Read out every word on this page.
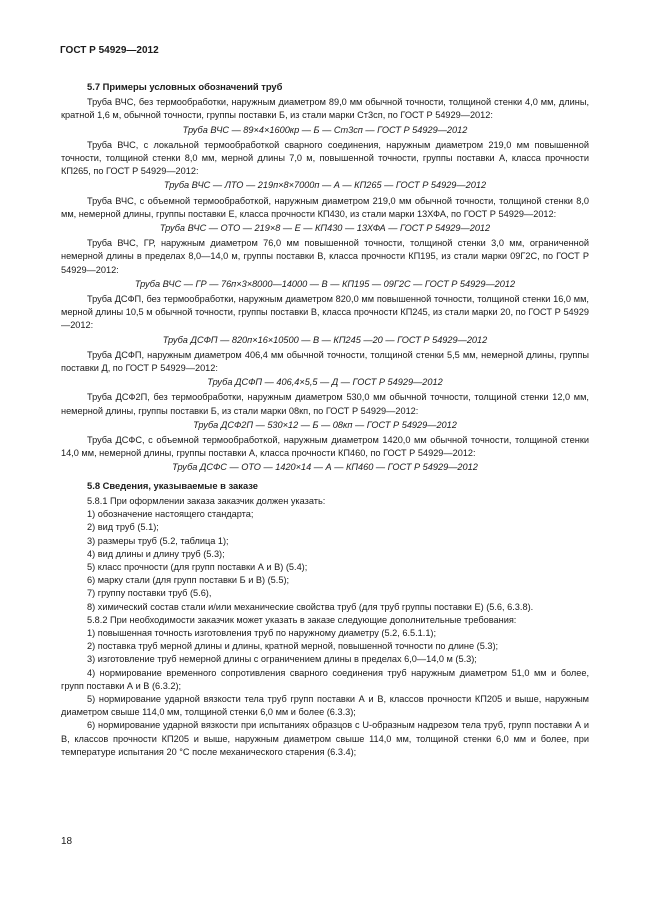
ГОСТ Р 54929—2012
5.7 Примеры условных обозначений труб

Труба ВЧС, без термообработки, наружным диаметром 89,0 мм обычной точности, толщиной стенки 4,0 мм, длины, кратной 1,6 м, обычной точности, группы поставки Б, из стали марки Ст3сп, по ГОСТ Р 54929—2012:

Труба ВЧС — 89×4×1600кр — Б — Ст3сп — ГОСТ Р 54929—2012

Труба ВЧС, с локальной термообработкой сварного соединения, наружным диаметром 219,0 мм повышенной точности, толщиной стенки 8,0 мм, мерной длины 7,0 м, повышенной точности, группы поставки А, класса прочности КП265, по ГОСТ Р 54929—2012:

Труба ВЧС — ЛТО — 219п×8×7000п — А — КП265 — ГОСТ Р 54929—2012

Труба ВЧС, с объемной термообработкой, наружным диаметром 219,0 мм обычной точности, толщиной стенки 8,0 мм, немерной длины, группы поставки Е, класса прочности КП430, из стали марки 13ХФА, по ГОСТ Р 54929—2012:

Труба ВЧС — ОТО — 219×8 — Е — КП430 — 13ХФА — ГОСТ Р 54929—2012

Труба ВЧС, ГР, наружным диаметром 76,0 мм повышенной точности, толщиной стенки 3,0 мм, ограниченной немерной длины в пределах 8,0—14,0 м, группы поставки В, класса прочности КП195, из стали марки 09Г2С, по ГОСТ Р 54929—2012:

Труба ВЧС — ГР — 76п×3×8000—14000 — В — КП195 — 09Г2С — ГОСТ Р 54929—2012

Труба ДСФП, без термообработки, наружным диаметром 820,0 мм повышенной точности, толщиной стенки 16,0 мм, мерной длины 10,5 м обычной точности, группы поставки В, класса прочности КП245, из стали марки 20, по ГОСТ Р 54929—2012:

Труба ДСФП — 820п×16×10500 — В — КП245 —20 — ГОСТ Р 54929—2012

Труба ДСФП, наружным диаметром 406,4 мм обычной точности, толщиной стенки 5,5 мм, немерной длины, группы поставки Д, по ГОСТ Р 54929—2012:

Труба ДСФП — 406,4×5,5 — Д — ГОСТ Р 54929—2012

Труба ДСФ2П, без термообработки, наружным диаметром 530,0 мм обычной точности, толщиной стенки 12,0 мм, немерной длины, группы поставки Б, из стали марки 08кп, по ГОСТ Р 54929—2012:

Труба ДСФ2П — 530×12 — Б — 08кп — ГОСТ Р 54929—2012

Труба ДСФС, с объемной термообработкой, наружным диаметром 1420,0 мм обычной точности, толщиной стенки 14,0 мм, немерной длины, группы поставки А, класса прочности КП460, по ГОСТ Р 54929—2012:

Труба ДСФС — ОТО — 1420×14 — А — КП460 — ГОСТ Р 54929—2012

5.8 Сведения, указываемые в заказе

5.8.1 При оформлении заказа заказчик должен указать:

1) обозначение настоящего стандарта;

2) вид труб (5.1);

3) размеры труб (5.2, таблица 1);

4) вид длины и длину труб (5.3);

5) класс прочности (для групп поставки А и В) (5.4);

6) марку стали (для групп поставки Б и В) (5.5);

7) группу поставки труб (5.6),

8) химический состав стали и/или механические свойства труб (для труб группы поставки Е) (5.6, 6.3.8).

5.8.2 При необходимости заказчик может указать в заказе следующие дополнительные требования:

1) повышенная точность изготовления труб по наружному диаметру (5.2, 6.5.1.1);

2) поставка труб мерной длины и длины, кратной мерной, повышенной точности по длине (5.3);

3) изготовление труб немерной длины с ограничением длины в пределах 6,0—14,0 м (5.3);

4) нормирование временного сопротивления сварного соединения труб наружным диаметром 51,0 мм и более, групп поставки А и В (6.3.2);

5) нормирование ударной вязкости тела труб групп поставки А и В, классов прочности КП205 и выше, наружным диаметром свыше 114,0 мм, толщиной стенки 6,0 мм и более (6.3.3);

6) нормирование ударной вязкости при испытаниях образцов с U-образным надрезом тела труб, групп поставки А и В, классов прочности КП205 и выше, наружным диаметром свыше 114,0 мм, толщиной стенки 6,0 мм и более, при температуре испытания 20 °С после механического старения (6.3.4);

18
